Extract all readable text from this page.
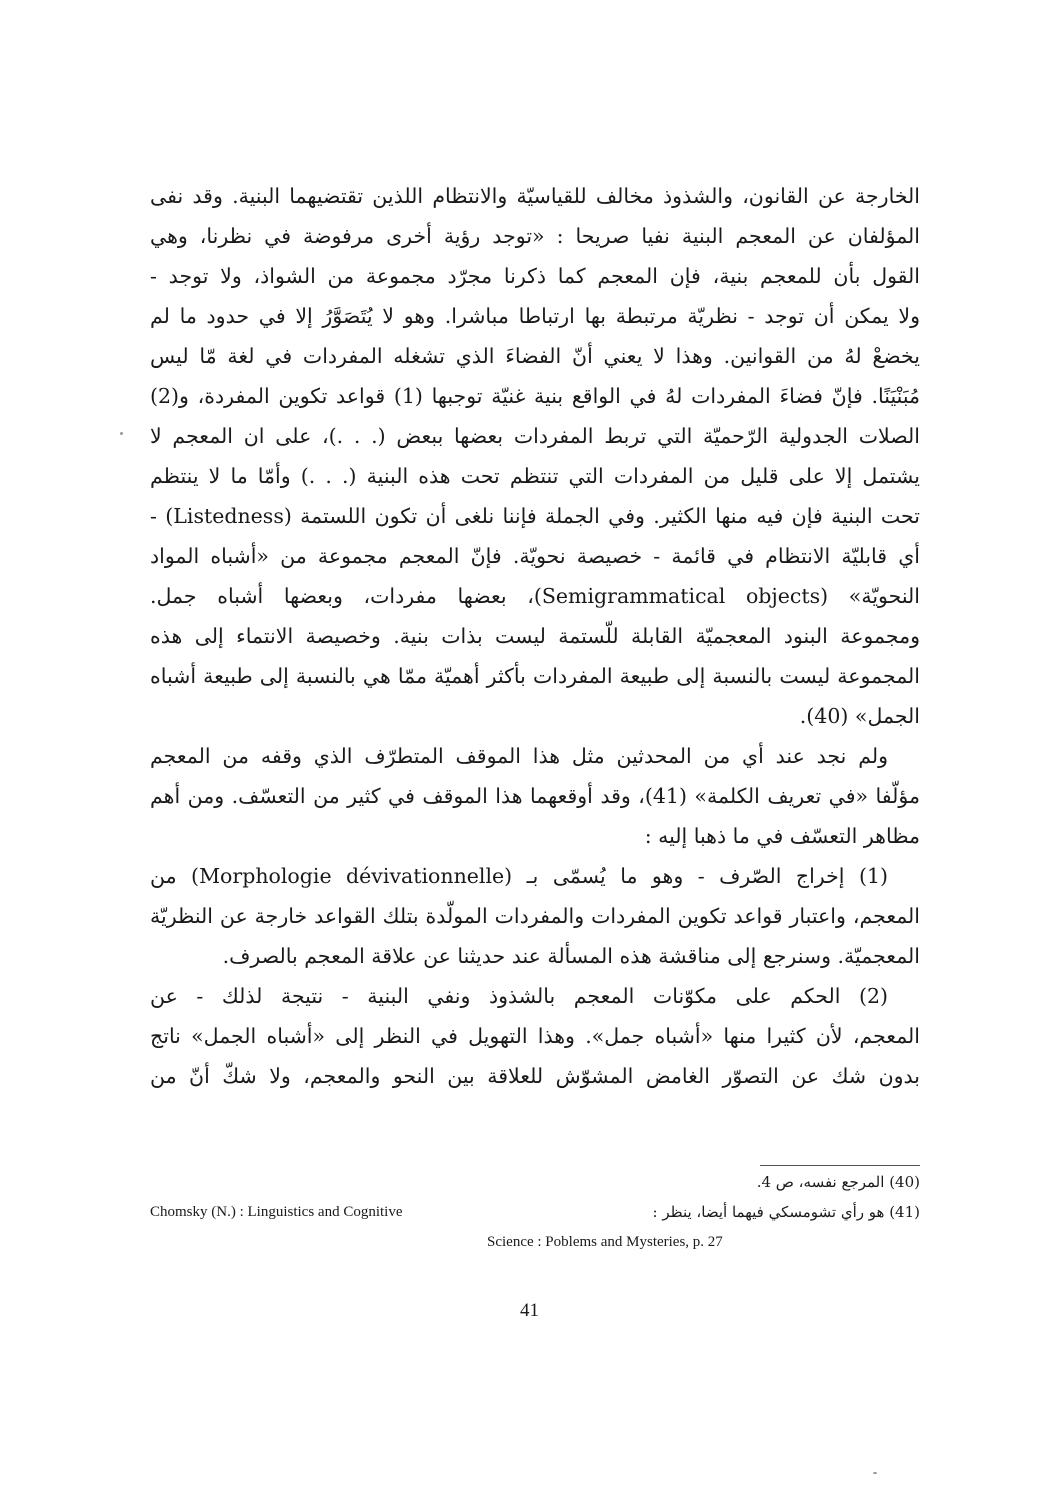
الخارجة عن القانون، والشذوذ مخالف للقياسيّة والانتظام اللذين تقتضيهما البنية. وقد نفى
المؤلفان عن المعجم البنية نفيا صريحا : «توجد رؤية أخرى مرفوضة في نظرنا، وهي
القول بأن للمعجم بنية، فإن المعجم كما ذكرنا مجرّد مجموعة من الشواذ، ولا توجد -
ولا يمكن أن توجد - نظريّة مرتبطة بها ارتباطا مباشرا. وهو لا يُتَصَوَّرُ إلا في حدود ما لم
يخضعْ لهُ من القوانين. وهذا لا يعني أنّ الفضاءَ الذي تشغله المفردات في لغة مّا ليس
مُبَنْيَنًا. فإنّ فضاءَ المفردات لهُ في الواقع بنية غنيّة توجبها (1) قواعد تكوين المفردة، و(2)
الصلات الجدولية الرّحميّة التي تربط المفردات بعضها ببعض (. . .)، على ان المعجم لا
يشتمل إلا على قليل من المفردات التي تنتظم تحت هذه البنية (. . .) وأمّا ما لا ينتظم
تحت البنية فإن فيه منها الكثير. وفي الجملة فإننا نلغى أن تكون اللستمة (Listedness) -
أي قابليّة الانتظام في قائمة - خصيصة نحويّة. فإنّ المعجم مجموعة من «أشباه المواد
النحويّة» (Semigrammatical objects)، بعضها مفردات، وبعضها أشباه جمل.
ومجموعة البنود المعجميّة القابلة للّستمة ليست بذات بنية. وخصيصة الانتماء إلى هذه
المجموعة ليست بالنسبة إلى طبيعة المفردات بأكثر أهميّة ممّا هي بالنسبة إلى طبيعة أشباه
الجمل» (40).
ولم نجد عند أي من المحدثين مثل هذا الموقف المتطرّف الذي وقفه من المعجم
مؤلّفا «في تعريف الكلمة» (41)، وقد أوقعهما هذا الموقف في كثير من التعسّف. ومن أهم
مظاهر التعسّف في ما ذهبا إليه :
(1) إخراج الصّرف - وهو ما يُسمّى بـ (Morphologie dévivationnelle) من
المعجم، واعتبار قواعد تكوين المفردات والمفردات المولّدة بتلك القواعد خارجة عن النظريّة
المعجميّة. وسنرجع إلى مناقشة هذه المسألة عند حديثنا عن علاقة المعجم بالصرف.
(2) الحكم على مكوّنات المعجم بالشذوذ ونفي البنية - نتيجة لذلك - عن
المعجم، لأن كثيرا منها «أشباه جمل». وهذا التهويل في النظر إلى «أشباه الجمل» ناتج
بدون شك عن التصوّر الغامض المشوّش للعلاقة بين النحو والمعجم، ولا شكّ أنّ من
(40) المرجع نفسه، ص 4.
(41) هو رأي تشومسكي فيهما أيضا، ينظر :
Chomsky (N.) : Linguistics and Cognitive
Science : Poblems and Mysteries, p. 27
41
